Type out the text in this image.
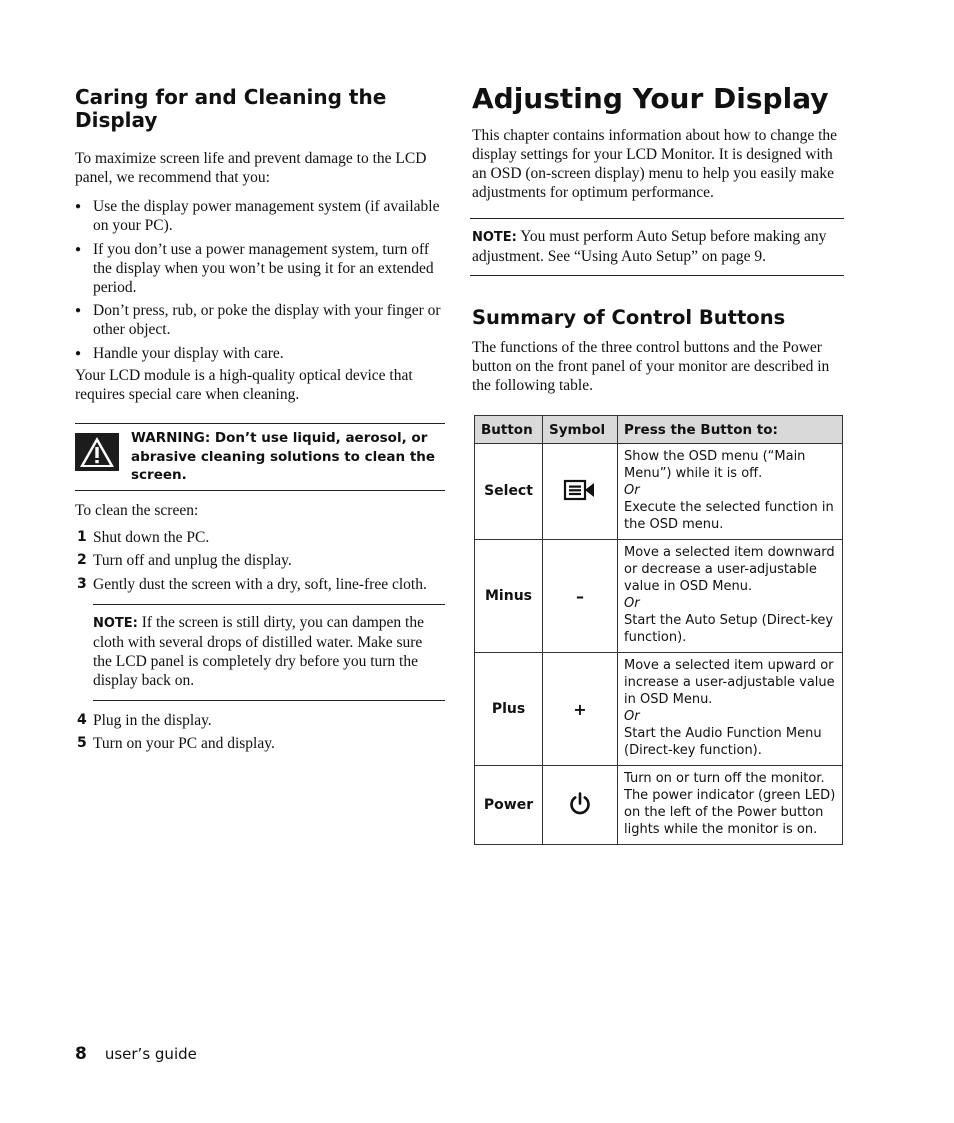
Caring for and Cleaning the Display

To maximize screen life and prevent damage to the LCD panel, we recommend that you:

● Use the display power management system (if available on your PC).
● If you don’t use a power management system, turn off the display when you won’t be using it for an extended period.
● Don’t press, rub, or poke the display with your finger or other object.
● Handle your display with care.

Your LCD module is a high-quality optical device that requires special care when cleaning.

WARNING: Don’t use liquid, aerosol, or abrasive cleaning solutions to clean the screen.

To clean the screen:

1 Shut down the PC.
2 Turn off and unplug the display.
3 Gently dust the screen with a dry, soft, line-free cloth.
NOTE: If the screen is still dirty, you can dampen the cloth with several drops of distilled water. Make sure the LCD panel is completely dry before you turn the display back on.
4 Plug in the display.
5 Turn on your PC and display.
Adjusting Your Display

This chapter contains information about how to change the display settings for your LCD Monitor. It is designed with an OSD (on-screen display) menu to help you easily make adjustments for optimum performance.

NOTE: You must perform Auto Setup before making any adjustment. See “Using Auto Setup” on page 9.
Summary of Control Buttons

The functions of the three control buttons and the Power button on the front panel of your monitor are described in the following table.

Button	Symbol	Press the Button to:
Select		Show the OSD menu (“Main Menu”) while it is off.

Or

Execute the selected function in the OSD menu.

Minus	–	Move a selected item downward or decrease a user-adjustable value in OSD Menu.

Or

Start the Auto Setup (Direct-key function).

Plus	+	Move a selected item upward or increase a user-adjustable value in OSD Menu.

Or

Start the Audio Function Menu (Direct-key function).

Power		Turn on or turn off the monitor. The power indicator (green LED) on the left of the Power button lights while the monitor is on.

8 user’s guide
